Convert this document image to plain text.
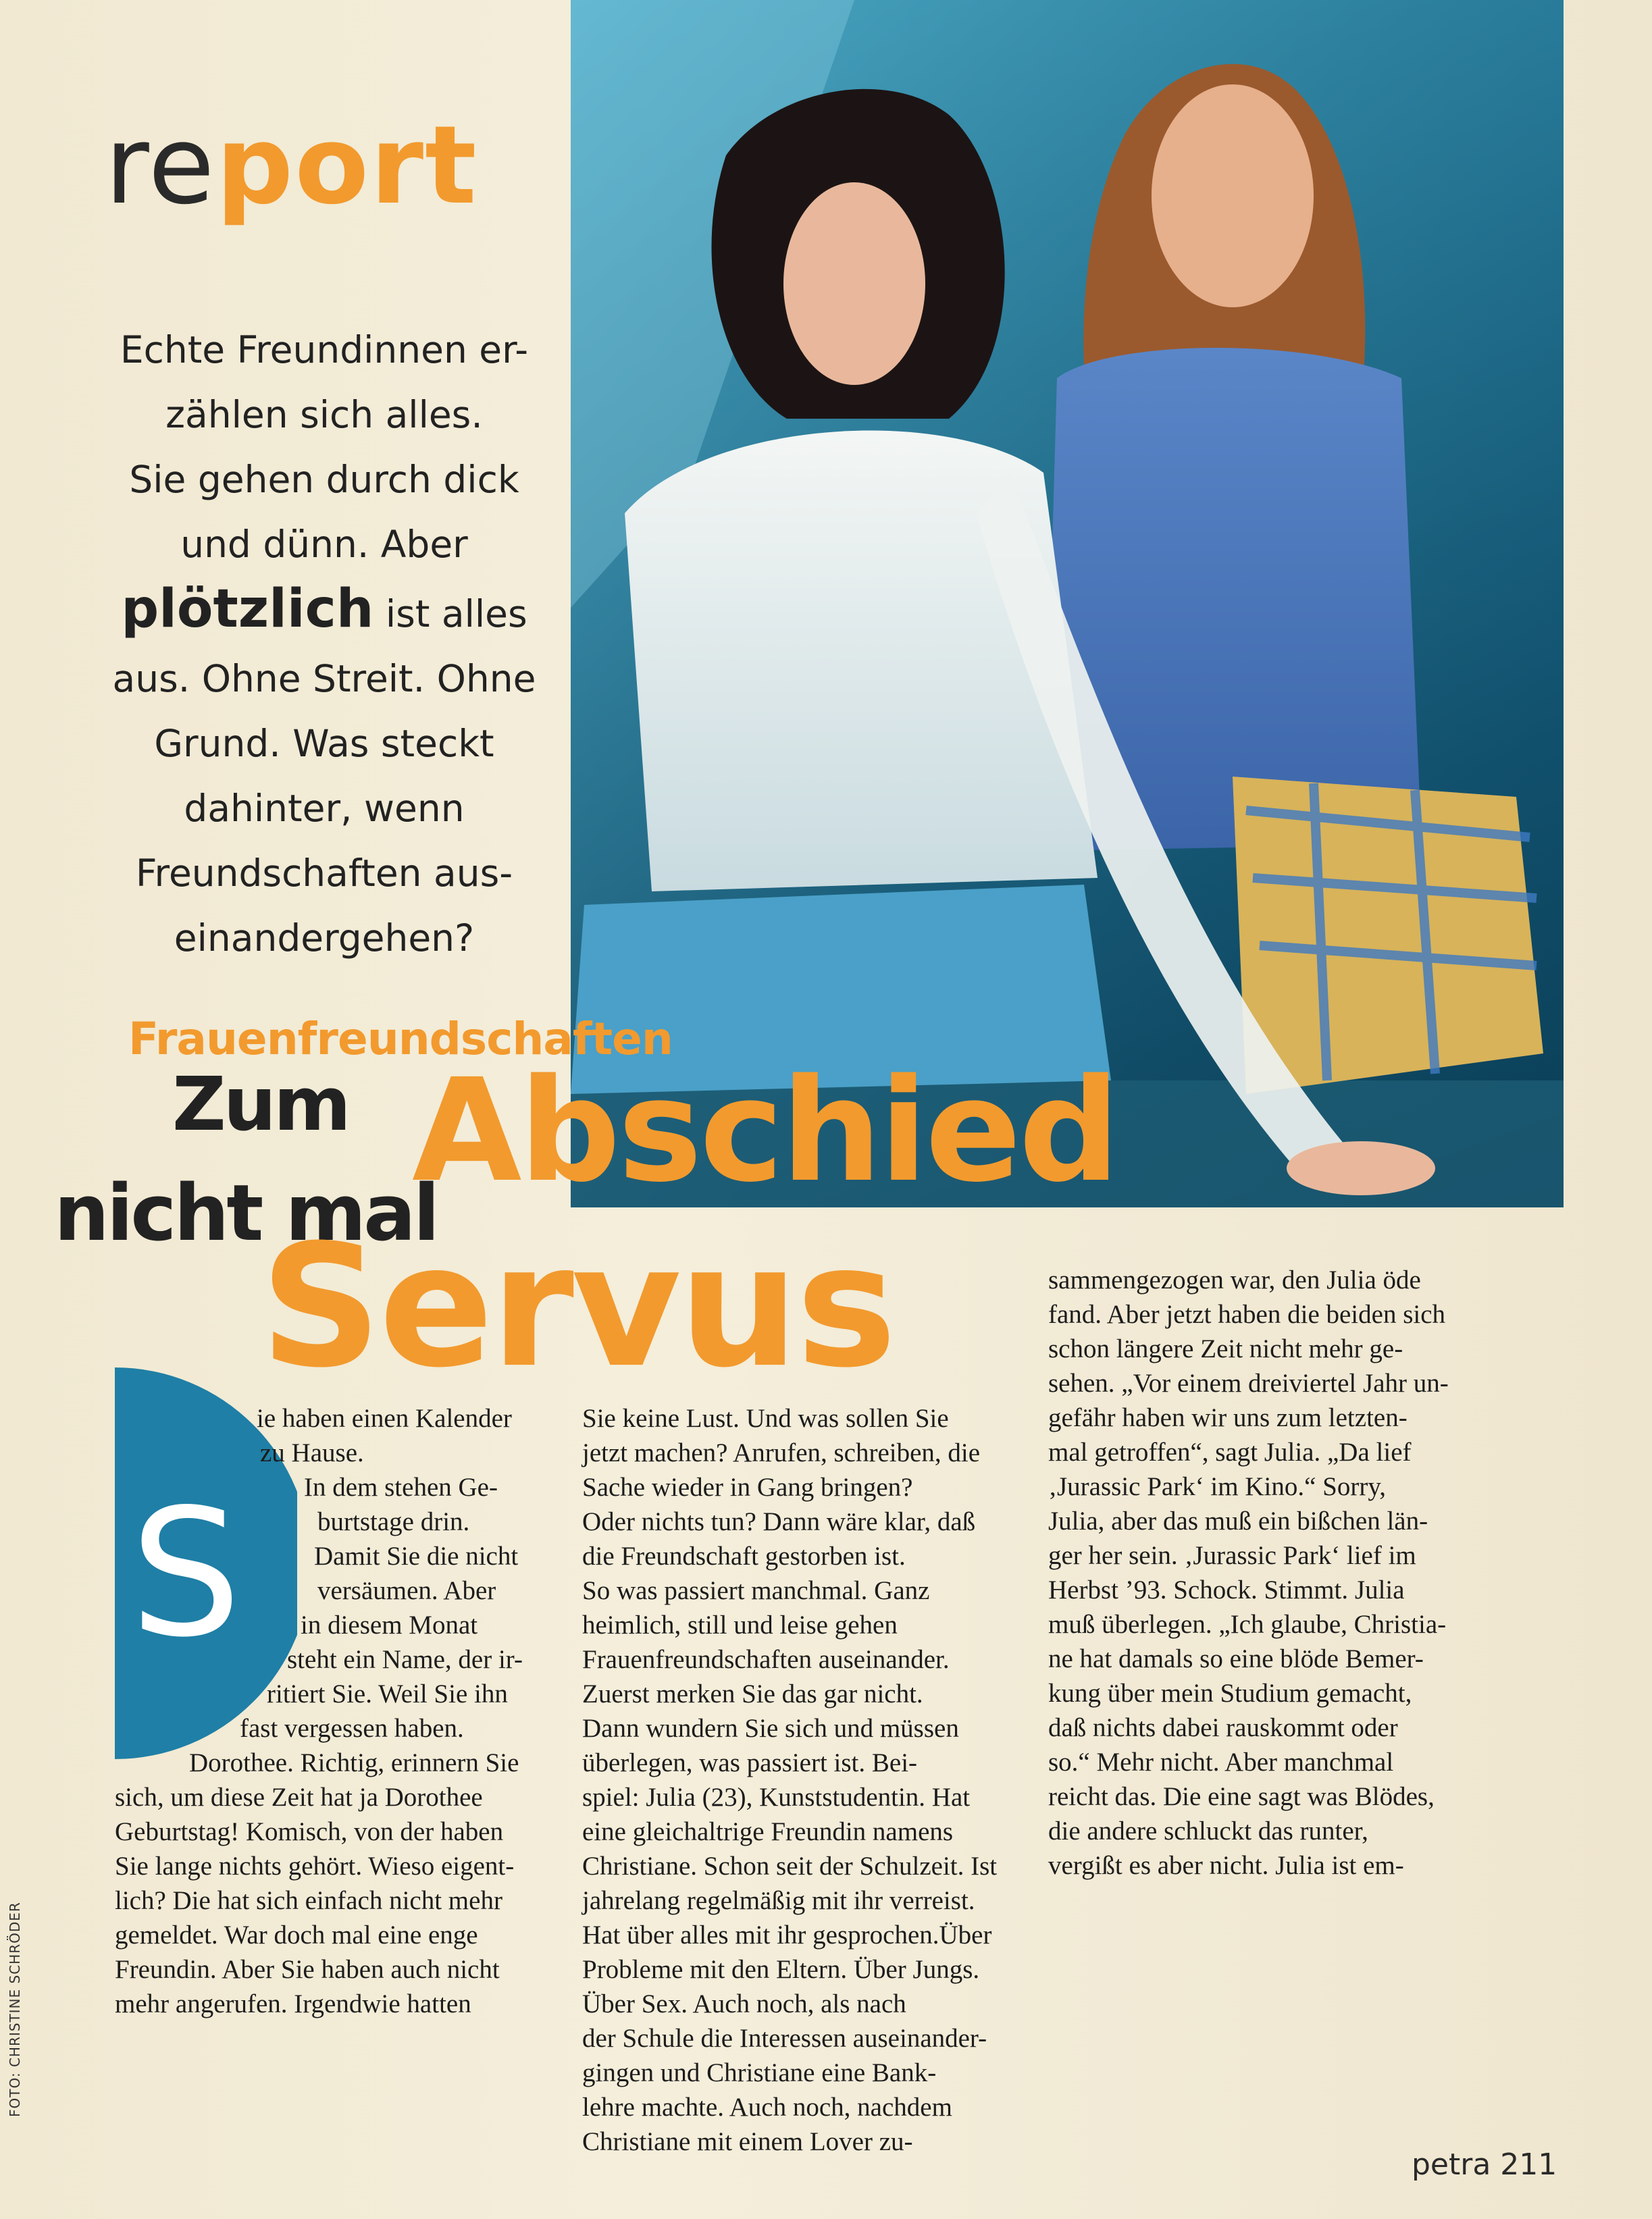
report
Echte Freundinnen er-
zählen sich alles.
Sie gehen durch dick
und dünn. Aber
plötzlich ist alles
aus. Ohne Streit. Ohne
Grund. Was steckt
dahinter, wenn
Freundschaften aus-
einandergehen?
Frauenfreundschaften
Zum Abschied
nicht mal
Servus
S
ie haben einen Kalender
zu Hause.
In dem stehen Ge-
burtstage drin.
Damit Sie die nicht
versäumen. Aber
in diesem Monat
steht ein Name, der ir-
ritiert Sie. Weil Sie ihn
fast vergessen haben.

Dorothee. Richtig, erinnern Sie

sich, um diese Zeit hat ja Dorothee

Geburtstag! Komisch, von der haben

Sie lange nichts gehört. Wieso eigent-

lich? Die hat sich einfach nicht mehr

gemeldet. War doch mal eine enge

Freundin. Aber Sie haben auch nicht

mehr angerufen. Irgendwie hatten

Sie keine Lust. Und was sollen Sie

jetzt machen? Anrufen, schreiben, die

Sache wieder in Gang bringen?

Oder nichts tun? Dann wäre klar, daß

die Freundschaft gestorben ist.

So was passiert manchmal. Ganz

heimlich, still und leise gehen

Frauenfreundschaften auseinander.

Zuerst merken Sie das gar nicht.

Dann wundern Sie sich und müssen

überlegen, was passiert ist. Bei-

spiel: Julia (23), Kunststudentin. Hat

eine gleichaltrige Freundin namens

Christiane. Schon seit der Schulzeit. Ist

jahrelang regelmäßig mit ihr verreist.

Hat über alles mit ihr gesprochen.Über

Probleme mit den Eltern. Über Jungs.

Über Sex. Auch noch, als nach

der Schule die Interessen auseinander-

gingen und Christiane eine Bank-

lehre machte. Auch noch, nachdem

Christiane mit einem Lover zu-

sammengezogen war, den Julia öde

fand. Aber jetzt haben die beiden sich

schon längere Zeit nicht mehr ge-

sehen. „Vor einem dreiviertel Jahr un-

gefähr haben wir uns zum letzten-

mal getroffen“, sagt Julia. „Da lief

‚Jurassic Park‘ im Kino.“ Sorry,

Julia, aber das muß ein bißchen län-

ger her sein. ‚Jurassic Park‘ lief im

Herbst ’93. Schock. Stimmt. Julia

muß überlegen. „Ich glaube, Christia-

ne hat damals so eine blöde Bemer-

kung über mein Studium gemacht,

daß nichts dabei rauskommt oder

so.“ Mehr nicht. Aber manchmal

reicht das. Die eine sagt was Blödes,

die andere schluckt das runter,

vergißt es aber nicht. Julia ist em-

FOTO: CHRISTINE SCHRÖDER
petra 211
